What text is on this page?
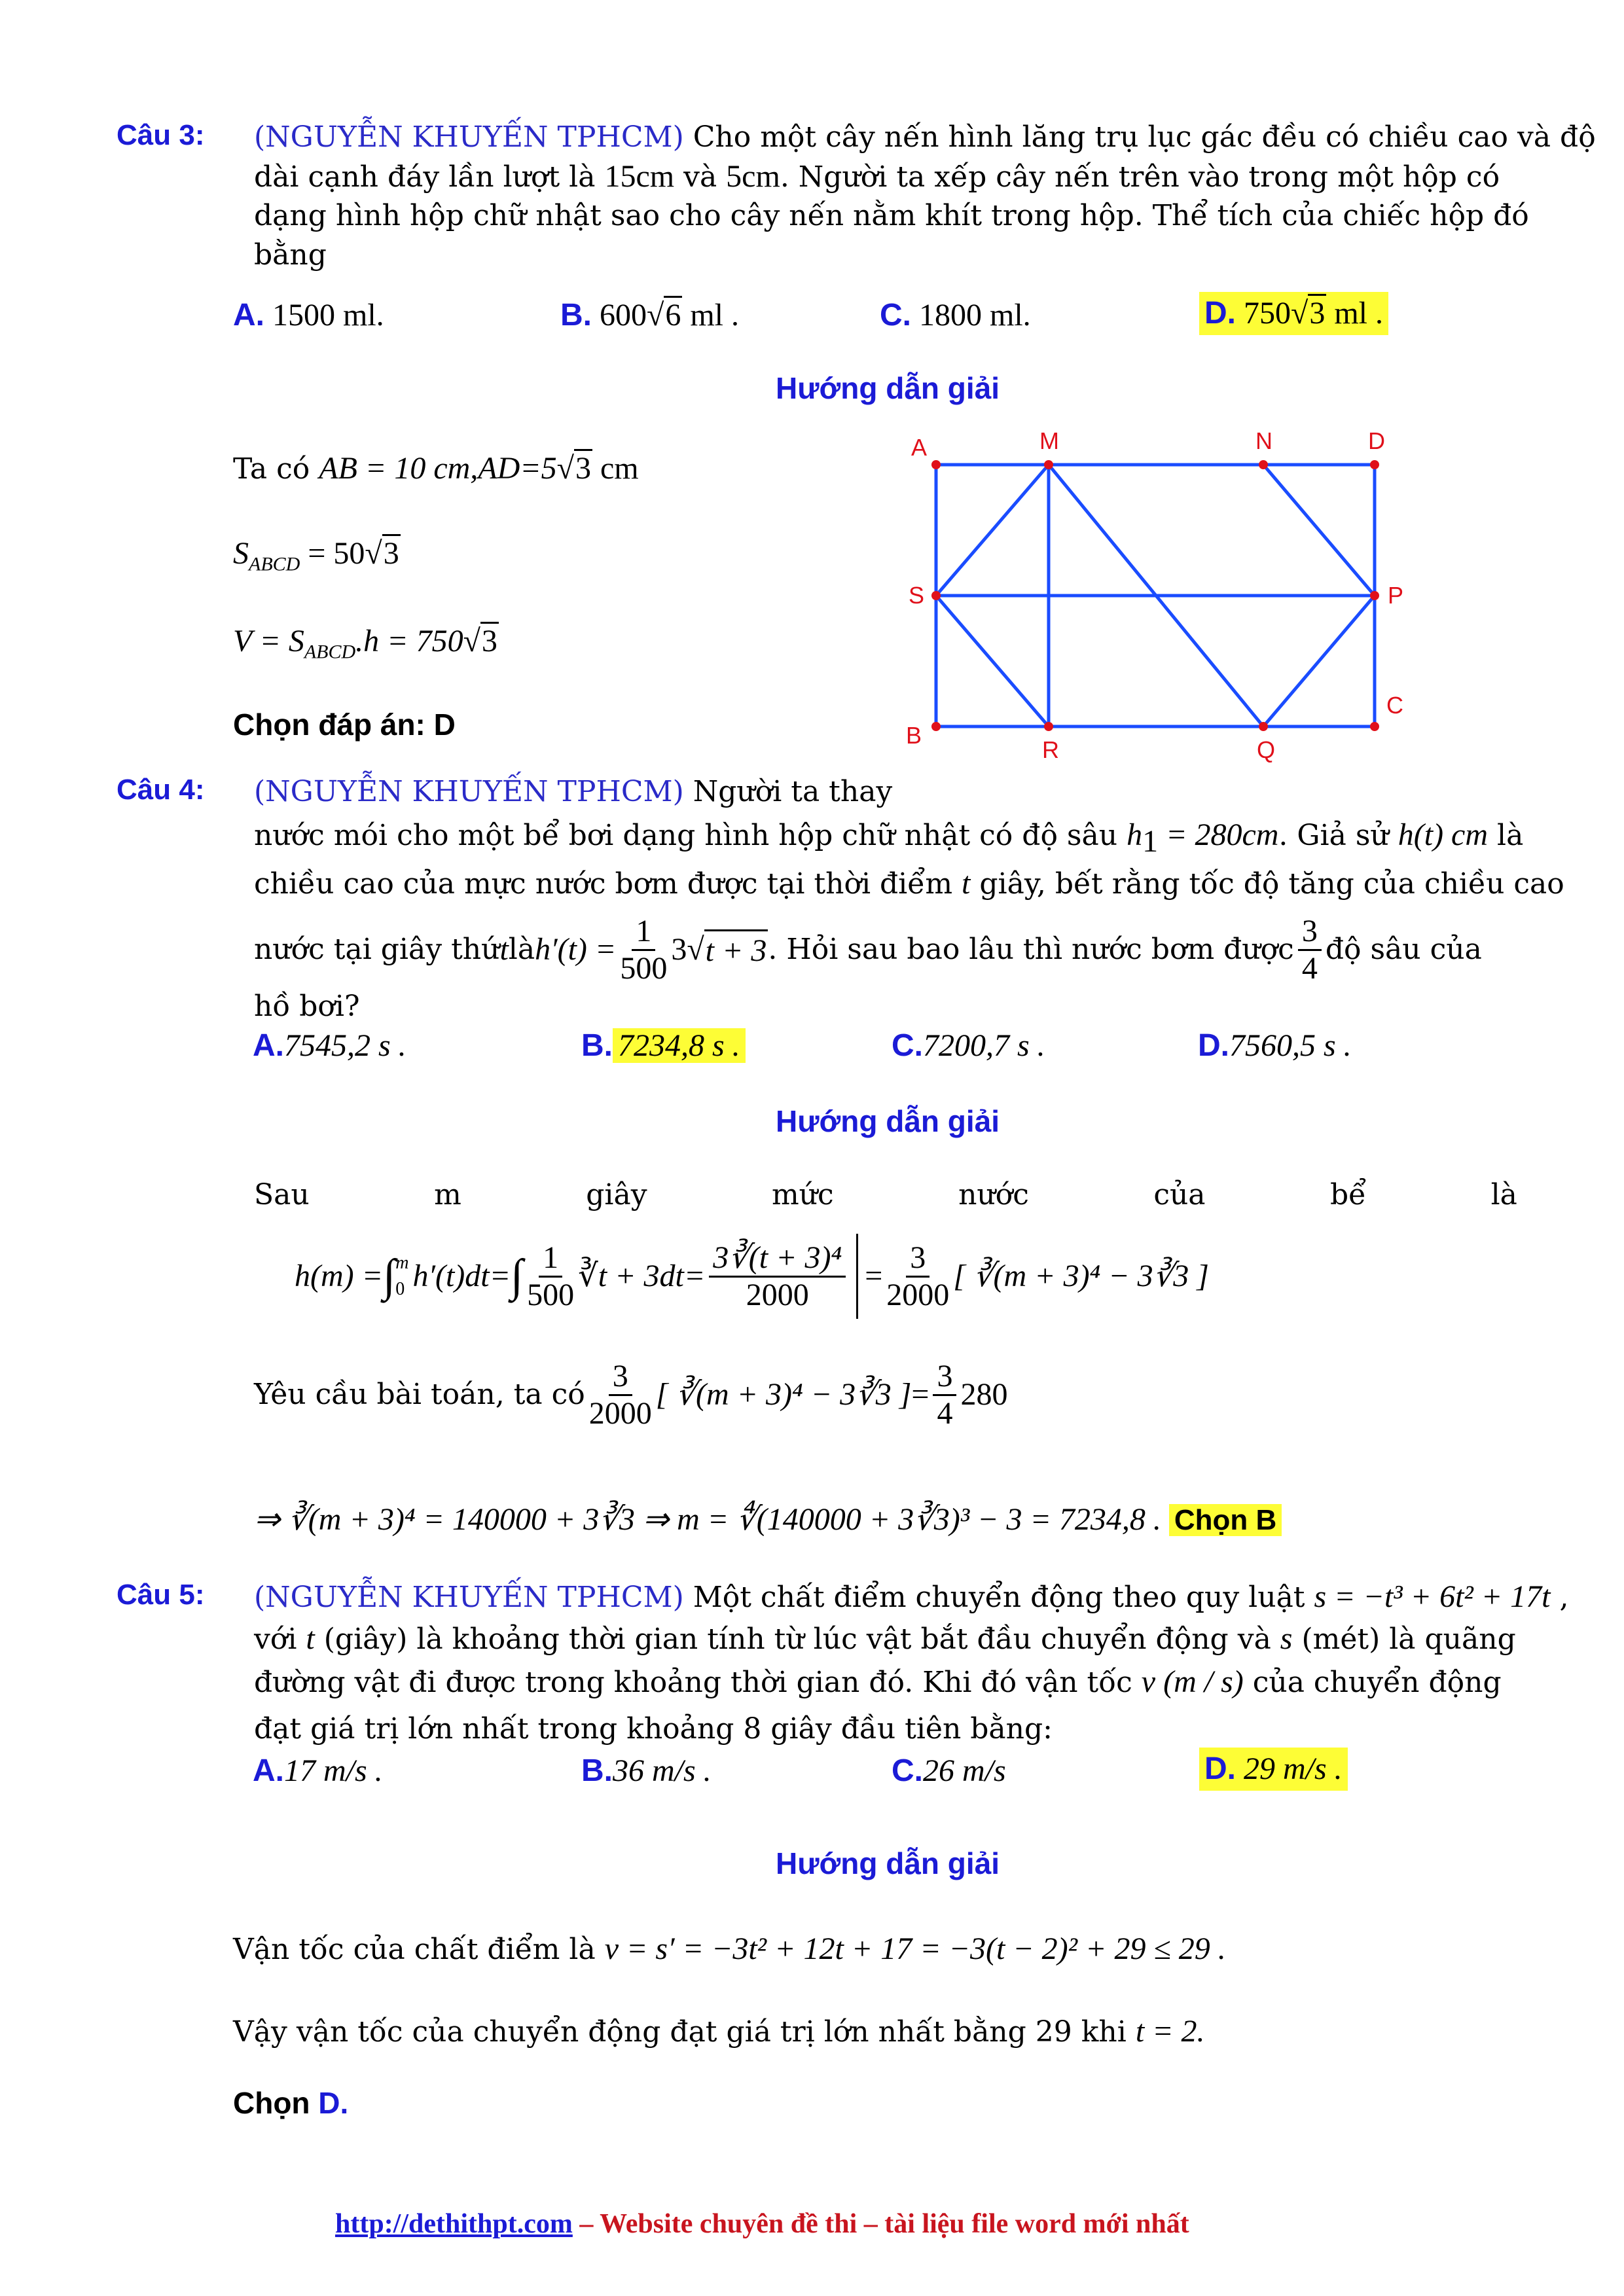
Câu 3: (NGUYỄN KHUYẾN TPHCM) Cho một cây nến hình lăng trụ lục gác đều có chiều cao và độ
dài cạnh đáy lần lượt là 15cm và 5cm. Người ta xếp cây nến trên vào trong một hộp có
dạng hình hộp chữ nhật sao cho cây nến nằm khít trong hộp. Thể tích của chiếc hộp đó
bằng
A. 1500 ml.	B. 600√6 ml .	C. 1800 ml.	D. 750√3 ml .
Hướng dẫn giải
Ta có AB = 10 cm,AD=5√3 cm
$S_{ABCD} = 50√3$
$V = S_{ABCD}.h = 750√3$
Chọn đáp án: D
A	M	N	D
S	P
B
R	Q
C
Câu 4: (NGUYỄN KHUYẾN TPHCM) Người ta thay
nước mói cho một bể bơi dạng hình hộp chữ nhật có độ sâu $h_1 = 280cm$. Giả sử h(t) cm là
chiều cao của mực nước bơm được tại thời điểm t giây, bết rằng tốc độ tăng của chiều cao
nước tại giây thứ t là $h'(t) = \frac{1}{500} 3$ √ t + 3 . Hỏi sau bao lâu thì nước bơm được $\frac{3}{4}$ độ sâu của
hồ bơi?
A.7545,2 s .	B. 7234,8 s .	C.7200,7 s .	D.7560,5 s .
Hướng dẫn giải
Sau	m	giây	mức	nước	của	bể	là
h(m) = ∫ m
0 h′(t)dt= ∫ $\frac{1}{500}$ ∛ $t + 3dt= \frac{\text{3∛(t + 3)⁴}}{2000} = \frac{3}{2000}$ [ ∛(m + 3)⁴ − 3∛3 ]
Yêu cầu bài toán, ta có $\frac{3}{2000}$ [ ∛(m + 3)⁴ − 3∛3 ] = $\frac{3}{4} 280$
⇒ ∛(m + 3)⁴ = 140000 + 3∛3 ⇒ m = ∜(140000 + 3∛3)³ − 3 = 7234,8 . Chọn B
Câu 5: (NGUYỄN KHUYẾN TPHCM) Một chất điểm chuyển động theo quy luật s = −t³ + 6t² + 17t ,
với t (giây) là khoảng thời gian tính từ lúc vật bắt đầu chuyển động và s (mét) là quãng
đường vật đi được trong khoảng thời gian đó. Khi đó vận tốc v (m / s) của chuyển động
đạt giá trị lớn nhất trong khoảng 8 giây đầu tiên bằng:
A.17 m/s .	B.36 m/s .	C.26 m/s	D. 29 m/s .
Hướng dẫn giải
Vận tốc của chất điểm là v = s′ = −3t² + 12t + 17 = −3(t − 2)² + 29 ≤ 29 .
Vậy vận tốc của chuyển động đạt giá trị lớn nhất bằng 29 khi t = 2.
Chọn D.
http://dethithpt.com – Website chuyên đề thi – tài liệu file word mới nhất
